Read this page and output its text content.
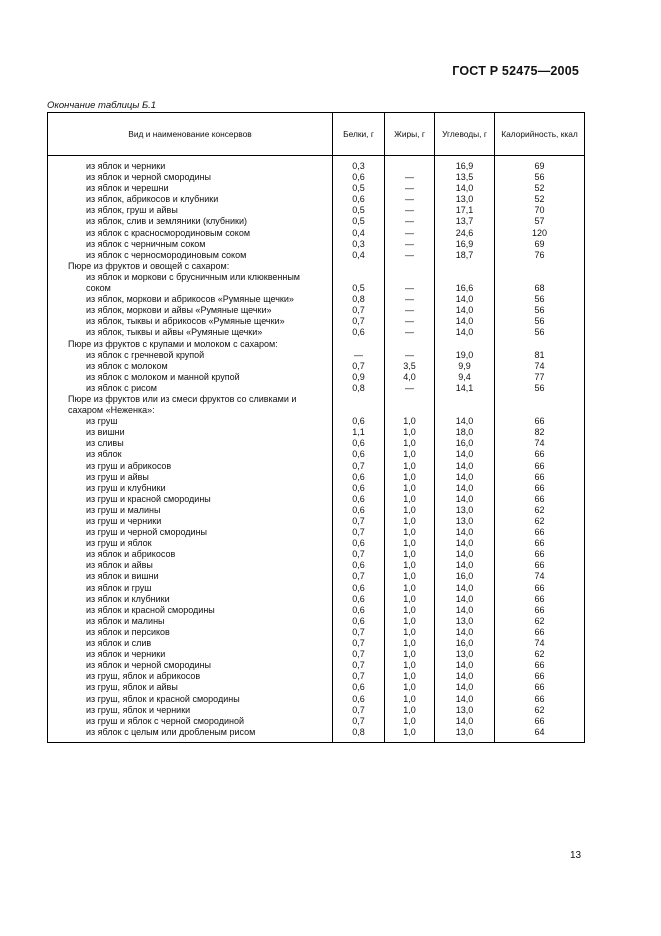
ГОСТ Р 52475—2005
Окончание таблицы Б.1
Вид и наименование консервов	Белки, г	Жиры, г	Углеводы, г	Калорийность, ккал
из яблок и черники	0,3		16,9	69
из яблок и черной смородины	0,6	—	13,5	56
из яблок и черешни	0,5	—	14,0	52
из яблок, абрикосов и клубники	0,6	—	13,0	52
из яблок, груш и айвы	0,5	—	17,1	70
из яблок, слив и земляники (клубники)	0,5	—	13,7	57
из яблок с красносмородиновым соком	0,4	—	24,6	120
из яблок с черничным соком	0,3	—	16,9	69
из яблок с черносмородиновым соком	0,4	—	18,7	76
Пюре из фруктов и овощей с сахаром:				
из яблок и моркови с брусничным или клюквенным				
соком	0,5	—	16,6	68
из яблок, моркови и абрикосов «Румяные щечки»	0,8	—	14,0	56
из яблок, моркови и айвы «Румяные щечки»	0,7	—	14,0	56
из яблок, тыквы и абрикосов «Румяные щечки»	0,7	—	14,0	56
из яблок, тыквы и айвы «Румяные щечки»	0,6	—	14,0	56
Пюре из фруктов с крупами и молоком с сахаром:				
из яблок с гречневой крупой	—	—	19,0	81
из яблок с молоком	0,7	3,5	9,9	74
из яблок с молоком и манной крупой	0,9	4,0	9,4	77
из яблок с рисом	0,8	—	14,1	56
Пюре из фруктов или из смеси фруктов со сливками и сахаром «Неженка»:				
из груш	0,6	1,0	14,0	66
из вишни	1,1	1,0	18,0	82
из сливы	0,6	1,0	16,0	74
из яблок	0,6	1,0	14,0	66
из груш и абрикосов	0,7	1,0	14,0	66
из груш и айвы	0,6	1,0	14,0	66
из груш и клубники	0,6	1,0	14,0	66
из груш и красной смородины	0,6	1,0	14,0	66
из груш и малины	0,6	1,0	13,0	62
из груш и черники	0,7	1,0	13,0	62
из груш и черной смородины	0,7	1,0	14,0	66
из груш и яблок	0,6	1,0	14,0	66
из яблок и абрикосов	0,7	1,0	14,0	66
из яблок и айвы	0,6	1,0	14,0	66
из яблок и вишни	0,7	1,0	16,0	74
из яблок и груш	0,6	1,0	14,0	66
из яблок и клубники	0,6	1,0	14,0	66
из яблок и красной смородины	0,6	1,0	14,0	66
из яблок и малины	0,6	1,0	13,0	62
из яблок и персиков	0,7	1,0	14,0	66
из яблок и слив	0,7	1,0	16,0	74
из яблок и черники	0,7	1,0	13,0	62
из яблок и черной смородины	0,7	1,0	14,0	66
из груш, яблок и абрикосов	0,7	1,0	14,0	66
из груш, яблок и айвы	0,6	1,0	14,0	66
из груш, яблок и красной смородины	0,6	1,0	14,0	66
из груш, яблок и черники	0,7	1,0	13,0	62
из груш и яблок с черной смородиной	0,7	1,0	14,0	66
из яблок с целым или дробленым рисом	0,8	1,0	13,0	64
13
